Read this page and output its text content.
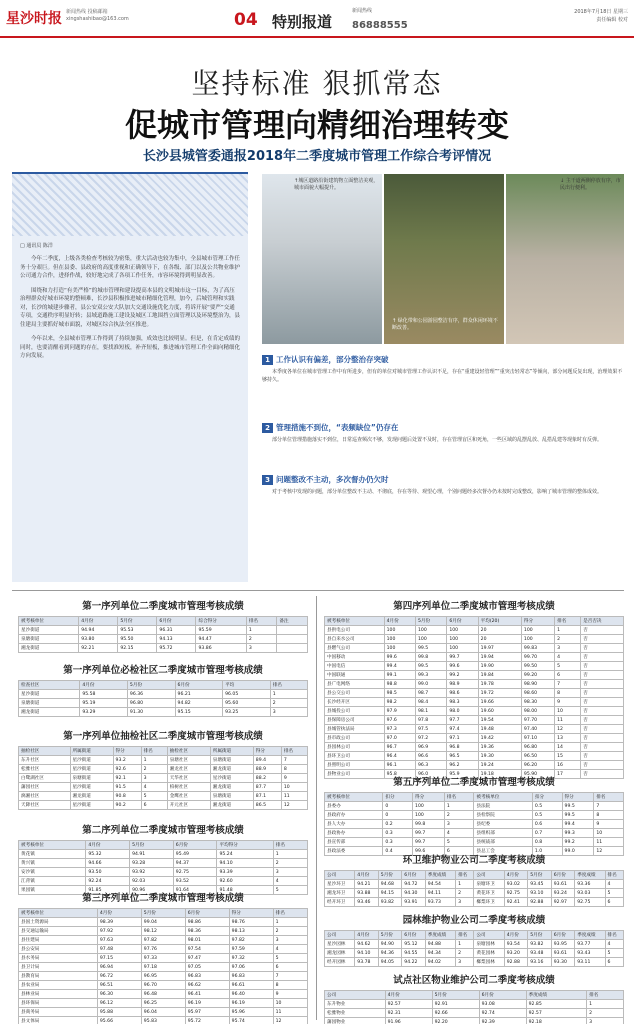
星沙时报 新闻热线 投稿邮箱 xingshashibao@163.com	04 特别报道
新闻热线
86888555
2018年7月18日 星期三
责任编辑 校对
坚持标准 狠抓常态
促城市管理向精细治理转变
长沙县城管委通报2018年二季度城市管理工作综合考评情况
□ 通讯员 陈洋

今年二季度，上级各类检查考核较为密集，重大活动也较为集中，全县城市管理工作任务十分艰巨。但在县委、县政府的高度重视和正确领导下，在各级、部门以及公共物业维护公司通力合作，进择作战，较好地完成了各项工作任务，市容环境得到明显改善。

围绕和力打造“有美严格”的城市管理和建设提高本县的文明城市这一目标，为了高压治理群众好城市环境的整顿难，长沙县积极推进城市精细化管理，加今，后城管理和实践对，长沙的城建步骤者，县公安双公安大队加大交通设施优化力度，将诉开展“要严”交通专项，交通秩序明显好转；县域道路施工建设及城区工地围挡立面管理以及环境整治为，县住建局主要抓好城市面貌，对城区综合执法全区推进。

今年以来，全县城市管理工作得到了持续加强，成效也比较明显。但是，在肯定成绩的同时，也要清醒看到问题的存在，要找准短板，补齐短板，推进城市管理工作全面向精细化方向发展。

↑城区道路沿街建筑物立面整洁美观，城市面貌大幅提升。
↑ 绿化带和公园游园整洁有序，群众休闲环境不断改善。
↓ 主干道两侧停放有序，市民出行便利。
1 工作认识有偏差，部分整治存突破

本季度各单位在城市管理工作中有所进步，但有的单位对城市管理工作认识不足，存在“重建设轻管理”“重突击轻常态”等倾向，部分问题反复出现，治理效果不够持久。

2 管理措施不到位，“表频缺位”仍存在

部分单位管理措施落实不到位，日常巡查频次不够，发现问题后处置不及时，存在管理盲区和死角，一些区域的乱摆乱放、乱搭乱建等现象时有反弹。

3 问题整改不主动，多次督办仍欠时

对于考核中发现的问题，部分单位整改不主动、不彻底，存在等待、观望心理，个别问题经多次督办仍未按时完成整改，影响了城市管理的整体成效。

第一序列单位二季度城市管理考核成绩
被考核单位	4月份	5月份	6月份	综合得分	排名	备注
星沙街道	94.94	95.53	96.31	95.59	1	
泉塘街道	93.80	95.50	94.13	94.47	2	
湘龙街道	92.21	92.15	95.72	93.86	3	
第一序列单位必检社区二季度城市管理考核成绩
检查社区	4月份	5月份	6月份	平均	排名
星沙街道	95.58	96.36	96.21	96.05	1
泉塘街道	95.19	96.80	94.82	95.60	2
湘龙街道	93.29	91.30	95.15	93.25	3
第一序列单位抽检社区二季度城市管理考核成绩
抽检社区	所属街道	得分	排名	抽检社区	所属街道	得分	排名
东升社区	星沙街道	93.2	1	泉塘社区	泉塘街道	89.4	7
松雅社区	星沙街道	92.6	2	湘龙社区	湘龙街道	88.9	8
白鹭湖社区	泉塘街道	92.1	3	天华社区	星沙街道	88.2	9
藩园社区	星沙街道	91.5	4	柏树社区	湘龙街道	87.7	10
漓湘社区	湘龙街道	90.8	5	金鹰社区	泉塘街道	87.1	11
天降社区	星沙街道	90.2	6	开元社区	湘龙街道	86.5	12
第二序列单位二季度城市管理考核成绩
被考核单位	4月份	5月份	6月份	平均得分	排名
黄花镇	95.32	94.91	95.49	95.24	1
黄兴镇	94.66	93.28	94.37	94.10	2
安沙镇	93.50	93.92	92.75	93.39	3
江背镇	92.24	92.03	93.52	92.60	4
果园镇	91.85	90.96	91.64	91.48	5
第三序列单位二季度城市管理考核成绩
被考核单位	4月份	5月份	6月份	得分	排名
县国土资源局	98.39	99.04	98.86	98.76	1
县交通运输局	97.92	98.12	98.36	98.13	2
县住建局	97.63	97.82	98.01	97.82	3
县公安局	97.48	97.76	97.54	97.59	4
县水务局	97.15	97.33	97.47	97.32	5
县卫计局	96.94	97.18	97.05	97.06	6
县教育局	96.72	96.95	96.83	96.83	7
县农业局	96.51	96.70	96.62	96.61	8
县林业局	96.30	96.48	96.41	96.40	9
县环保局	96.12	96.25	96.19	96.19	10
县商务局	95.88	96.04	95.97	95.96	11
县文体局	95.66	95.83	95.72	95.74	12
第四序列单位二季度城市管理考核成绩
被考核单位	4月份	5月份	6月份	平均(20)	得分	排名	是否否决
县供电公司	100	100	100	20	100	1	否
县自来水公司	100	100	100	20	100	2	否
县燃气公司	100	99.5	100	19.97	99.83	3	否
中国移动	99.6	99.8	99.7	19.94	99.70	4	否
中国电信	99.4	99.5	99.6	19.90	99.50	5	否
中国联通	99.1	99.3	99.2	19.84	99.20	6	否
县广电网络	98.8	99.0	98.9	19.78	98.90	7	否
县公交公司	98.5	98.7	98.6	19.72	98.60	8	否
长沙经开区	98.2	98.4	98.3	19.66	98.30	9	否
县城投公司	97.9	98.1	98.0	19.60	98.00	10	否
县保障房公司	97.6	97.8	97.7	19.54	97.70	11	否
县城管执法局	97.3	97.5	97.4	19.48	97.40	12	否
县市政公司	97.0	97.2	97.1	19.42	97.10	13	否
县园林公司	96.7	96.9	96.8	19.36	96.80	14	否
县环卫公司	96.4	96.6	96.5	19.30	96.50	15	否
县照明公司	96.1	96.3	96.2	19.24	96.20	16	否
县物业公司	95.8	96.0	95.9	19.18	95.90	17	否
第五序列单位二季度城市管理考核成绩
被考核单位	扣分	得分	排名	被考核单位	扣分	得分	排名
县委办	0	100	1	县法院	0.5	99.5	7
县政府办	0	100	2	县检察院	0.5	99.5	8
县人大办	0.2	99.8	3	县纪委	0.6	99.4	9
县政协办	0.3	99.7	4	县组织部	0.7	99.3	10
县宣传部	0.3	99.7	5	县统战部	0.8	99.2	11
县政法委	0.4	99.6	6	县总工会	1.0	99.0	12
环卫维护物业公司二季度考核成绩
公司	4月份	5月份	6月份	季度成绩	排名	公司	4月份	5月份	6月份	季度成绩	排名
星沙环卫	94.21	94.68	94.72	94.54	1	泉塘环卫	93.02	93.45	93.61	93.36	4
湘龙环卫	93.88	94.15	94.30	94.11	2	黄花环卫	92.75	93.10	93.24	93.03	5
经开环卫	93.46	93.82	93.91	93.73	3	榔梨环卫	92.41	92.88	92.97	92.75	6
园林维护物业公司二季度考核成绩
公司	4月份	5月份	6月份	季度成绩	排名	公司	4月份	5月份	6月份	季度成绩	排名
星沙园林	94.62	94.90	95.12	94.88	1	泉塘园林	93.54	93.82	93.95	93.77	4
湘龙园林	94.10	94.36	94.55	94.34	2	黄花园林	93.20	93.48	93.61	93.43	5
经开园林	93.78	94.05	94.22	94.02	3	榔梨园林	92.88	93.16	93.30	93.11	6
试点社区物业维护公司二季度考核成绩
公司	4月份	5月份	6月份	季度成绩	排名
东升物业	92.57	92.91	93.08	92.85	1
松雅物业	92.31	92.66	92.74	92.57	2
藩园物业	91.96	92.20	92.39	92.18	3
